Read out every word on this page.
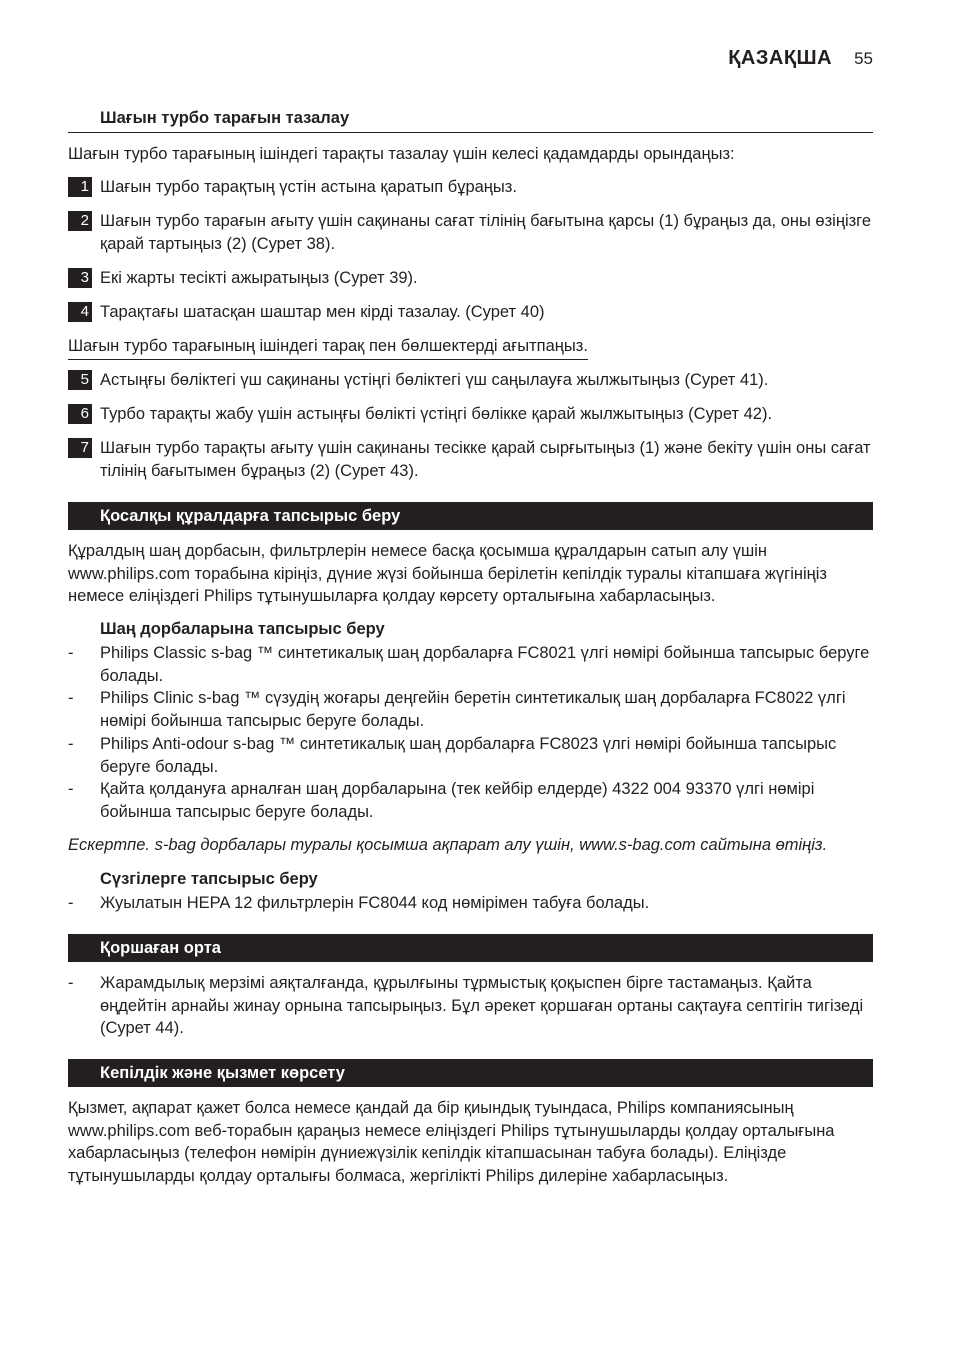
ҚАЗАҚША 55
Шағын турбо тарағын тазалау
Шағын турбо тарағының ішіндегі тарақты тазалау үшін келесі қадамдарды орындаңыз:
1 Шағын турбо тарақтың үстін астына қаратып бұраңыз.
2 Шағын турбо тарағын ағыту үшін сақинаны сағат тілінің бағытына қарсы (1) бұраңыз да, оны өзіңізге қарай тартыңыз (2) (Сурет 38).
3 Екі жарты тесікті ажыратыңыз (Сурет 39).
4 Тарақтағы шатасқан шаштар мен кірді тазалау. (Сурет 40)
Шағын турбо тарағының ішіндегі тарақ пен бөлшектерді ағытпаңыз.
5 Астыңғы бөліктегі үш сақинаны үстіңгі бөліктегі үш саңылауға жылжытыңыз (Сурет 41).
6 Турбо тарақты жабу үшін астыңғы бөлікті үстіңгі бөлікке қарай жылжытыңыз (Сурет 42).
7 Шағын турбо тарақты ағыту үшін сақинаны тесікке қарай сырғытыңыз (1) және бекіту үшін оны сағат тілінің бағытымен бұраңыз (2) (Сурет 43).
Қосалқы құралдарға тапсырыс беру
Құралдың шаң дорбасын, фильтрлерін немесе басқа қосымша құралдарын сатып алу үшін www.philips.com торабына кіріңіз, дүние жүзі бойынша берілетін кепілдік туралы кітапшаға жүгініңіз немесе еліңіздегі Philips тұтынушыларға қолдау көрсету орталығына хабарласыңыз.
Шаң дорбаларына тапсырыс беру
-	Philips Classic s-bag ™ синтетикалық шаң дорбаларға FC8021 үлгі нөмірі бойынша тапсырыс беруге болады.
-	Philips Clinic s-bag ™ сүзудің жоғары деңгейін беретін синтетикалық шаң дорбаларға FC8022 үлгі нөмірі бойынша тапсырыс беруге болады.
-	Philips Anti-odour s-bag ™ синтетикалық шаң дорбаларға FC8023 үлгі нөмірі бойынша тапсырыс беруге болады.
-	Қайта қолдануға арналған шаң дорбаларына (тек кейбір елдерде) 4322 004 93370 үлгі нөмірі бойынша тапсырыс беруге болады.
Ескертпе. s-bag дорбалары туралы қосымша ақпарат алу үшін, www.s-bag.com сайтына өтіңіз.
Сүзгілерге тапсырыс беру
-	Жуылатын HEPA 12 фильтрлерін FC8044 код нөмірімен табуға болады.
Қоршаған орта
-	Жарамдылық мерзімі аяқталғанда, құрылғыны тұрмыстық қоқыспен бірге тастамаңыз. Қайта өңдейтін арнайы жинау орнына тапсырыңыз. Бұл әрекет қоршаған ортаны сақтауға септігін тигізеді (Сурет 44).
Кепілдік және қызмет көрсету
Қызмет, ақпарат қажет болса немесе қандай да бір қиындық туындаса, Philips компаниясының www.philips.com веб-торабын қараңыз немесе еліңіздегі Philips тұтынушыларды қолдау орталығына хабарласыңыз (телефон нөмірін дүниежүзілік кепілдік кітапшасынан табуға болады). Еліңізде тұтынушыларды қолдау орталығы болмаса, жергілікті Philips дилеріне хабарласыңыз.
